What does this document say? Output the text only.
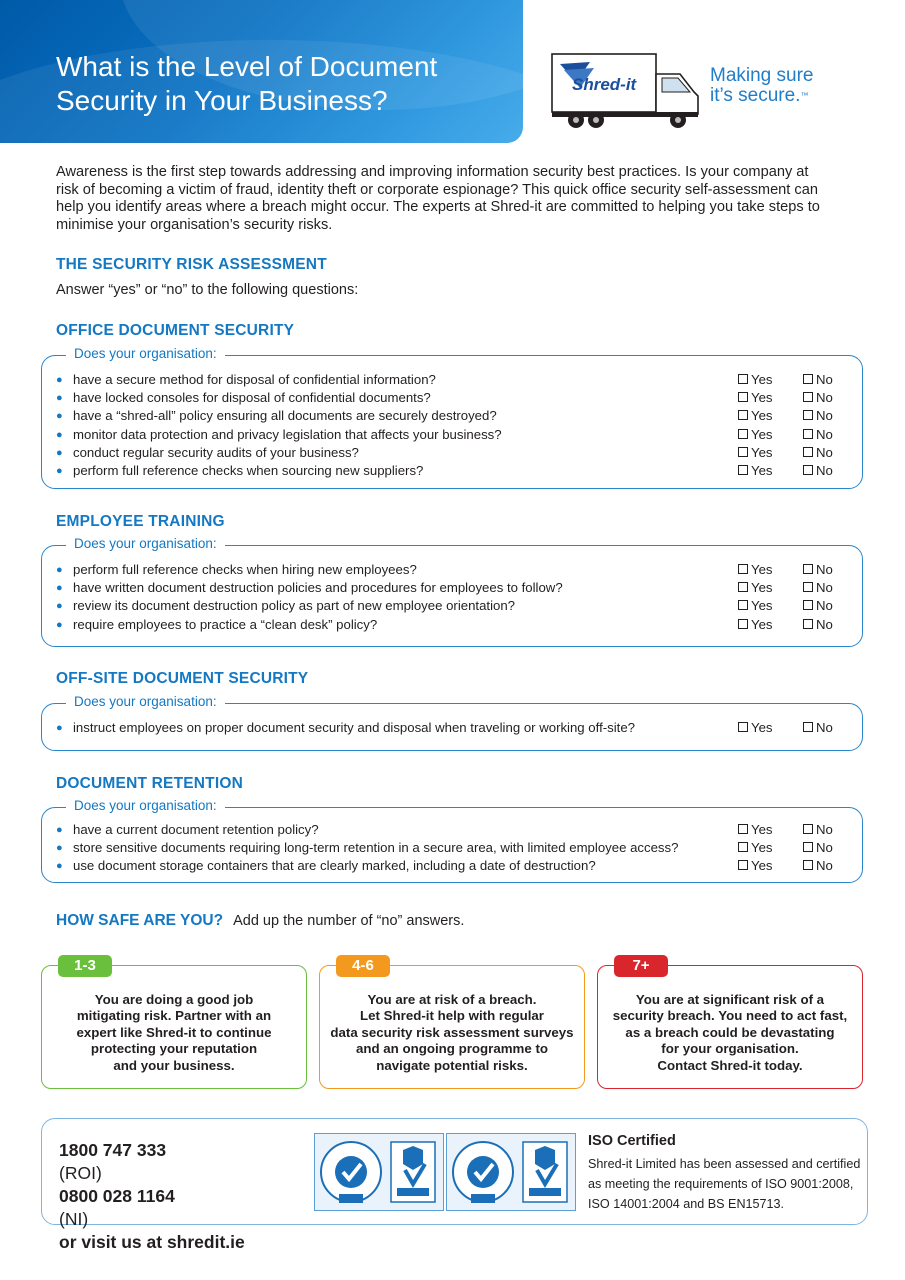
What is the Level of Document
Security in Your Business?
Shred-it	Making sure
it’s secure.™

Awareness is the first step towards addressing and improving information security best practices. Is your company at risk of becoming a victim of fraud, identity theft or corporate espionage? This quick office security self-assessment can help you identify areas where a breach might occur. The experts at Shred-it are committed to helping you take steps to minimise your organisation’s security risks.

THE SECURITY RISK ASSESSMENT

Answer “yes” or “no” to the following questions:

OFFICE DOCUMENT SECURITY
EMPLOYEE TRAINING
OFF-SITE DOCUMENT SECURITY
DOCUMENT RETENTION
Does your organisation:
● have a secure method for disposal of confidential information?	Yes	No
● have locked consoles for disposal of confidential documents?	Yes	No
● have a “shred-all” policy ensuring all documents are securely destroyed?	Yes	No
● monitor data protection and privacy legislation that affects your business?	Yes	No
● conduct regular security audits of your business?	Yes	No
● perform full reference checks when sourcing new suppliers?	Yes	No
Does your organisation:
● perform full reference checks when hiring new employees?	Yes	No
● have written document destruction policies and procedures for employees to follow?	Yes	No
● review its document destruction policy as part of new employee orientation?	Yes	No
● require employees to practice a “clean desk” policy?	Yes	No
Does your organisation:
● instruct employees on proper document security and disposal when traveling or working off-site?	Yes	No
Does your organisation:
● have a current document retention policy?	Yes	No
● store sensitive documents requiring long-term retention in a secure area, with limited employee access?	Yes	No
● use document storage containers that are clearly marked, including a date of destruction?	Yes	No
HOW SAFE ARE YOU? Add up the number of “no” answers.
1-3
You are doing a good job
mitigating risk. Partner with an
expert like Shred-it to continue
protecting your reputation
and your business.
4-6
You are at risk of a breach.
Let Shred-it help with regular
data security risk assessment surveys
and an ongoing programme to
navigate potential risks.
7+
You are at significant risk of a
security breach. You need to act fast,
as a breach could be devastating
for your organisation.
Contact Shred-it today.
1800 747 333
(ROI)
0800 028 1164
(NI)
or visit us at shredit.ie
ISO Certified
Shred-it Limited has been assessed and certified as meeting the requirements of ISO 9001:2008, ISO 14001:2004 and BS EN15713.
